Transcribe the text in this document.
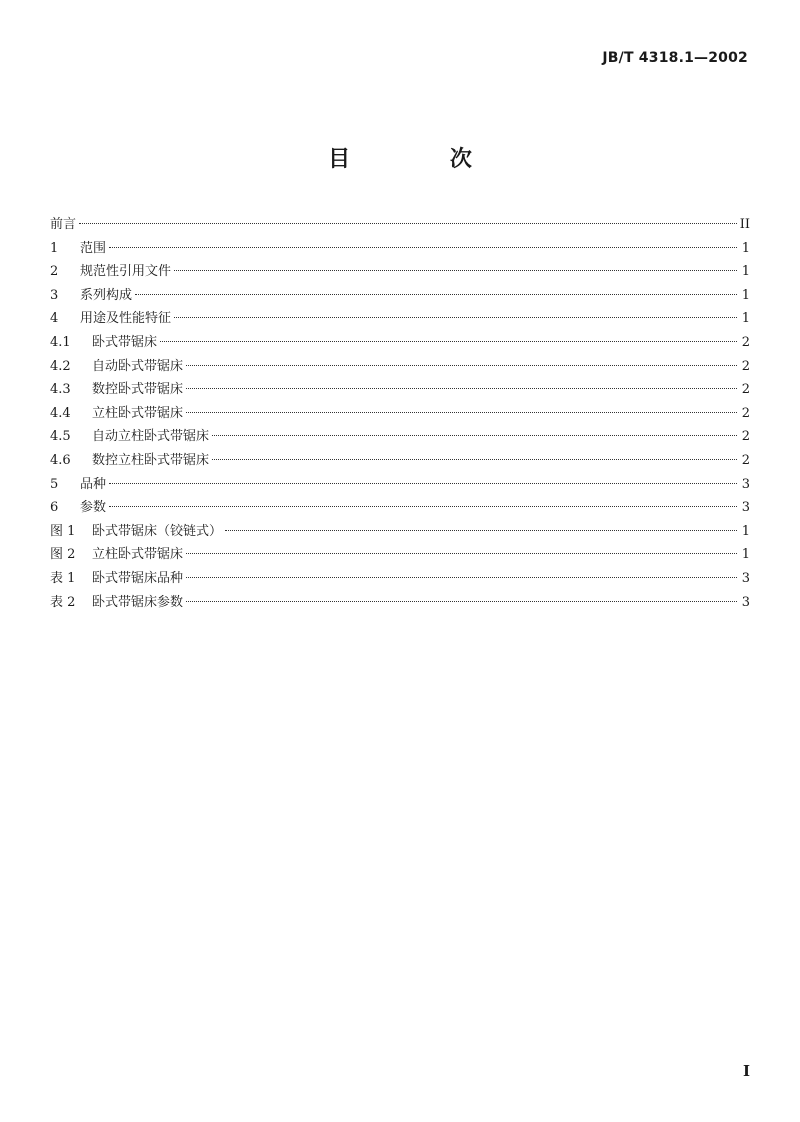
JB/T 4318.1—2002
目 次
前言	II
1	范围	1
2	规范性引用文件	1
3	系列构成	1
4	用途及性能特征	1
4.1	卧式带锯床	2
4.2	自动卧式带锯床	2
4.3	数控卧式带锯床	2
4.4	立柱卧式带锯床	2
4.5	自动立柱卧式带锯床	2
4.6	数控立柱卧式带锯床	2
5	品种	3
6	参数	3
图 1	卧式带锯床（铰链式）	1
图 2	立柱卧式带锯床	1
表 1	卧式带锯床品种	3
表 2	卧式带锯床参数	3
I
